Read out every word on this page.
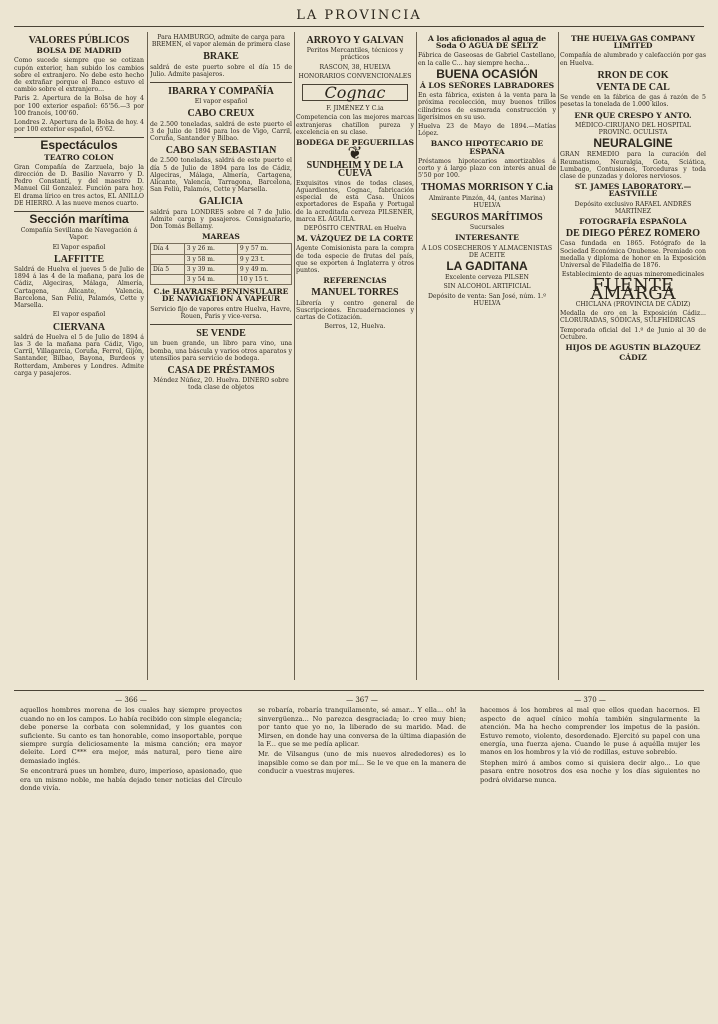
LA PROVINCIA
VALORES PÚBLICOS
BOLSA DE MADRID

Como sucede siempre que se cotizan cupón exterior, han subido los cambios sobre el extranjero. No debe esto hecho de extrañar porque el Banco estuvo el cambio sobre el extranjero...

Paris 2. Apertura de la Bolsa de hoy 4 por 100 exterior español: 65'56.—3 por 100 francés, 100'60.

Londres 2. Apertura de la Bolsa de hoy. 4 por 100 exterior español, 65'62.

Espectáculos
TEATRO COLON

Gran Compañía de Zarzuela, bajo la dirección de D. Basilio Navarro y D. Pedro Constantí, y del maestro D. Manuel Gil Gonzalez. Función para hoy. El drama lírico en tres actos, EL ANILLO DE HIERRO. A las nueve menos cuarto.

Sección marítima

Compañía Sevillana de Navegación á Vapor.

El Vapor español

LAFFITTE

Saldrá de Huelva el jueves 5 de Julio de 1894 á las 4 de la mañana, para los de Cádiz, Algeciras, Málaga, Almería, Cartagena, Alicante, Valencia, Barcelona, San Feliú, Palamós, Cette y Marsella.

El vapor español

CIERVANA

saldrá de Huelva el 5 de Julio de 1894 á las 3 de la mañana para Cádiz, Vigo, Carril, Villagarcia, Coruña, Ferrol, Gijón, Santander, Bilbao, Bayona, Burdeos y Rotterdam, Amberes y Londres. Admite carga y pasajeros.

Para HAMBURGO, admite de carga para BREMEN, el vapor alemán de primera clase

BRAKE

saldrá de este puerto sobre el día 15 de Julio. Admite pasajeros.

IBARRA Y COMPAÑÍA

El vapor español

CABO CREUX

de 2.500 toneladas, saldrá de este puerto el 3 de Julio de 1894 para los de Vigo, Carril, Coruña, Santander y Bilbao.

CABO SAN SEBASTIAN

de 2.500 toneladas, saldrá de este puerto el día 5 de Julio de 1894 para los de Cádiz, Algeciras, Málaga, Almería, Cartagena, Alicante, Valencia, Tarragona, Barcelona, San Feliú, Palamós, Cette y Marsella.

GALICIA

saldrá para LONDRES sobre el 7 de Julio. Admite carga y pasajeros. Consignatario, Don Tomás Bellamy.

MAREAS
Día 4	3 y 26 m.	9 y 57 m.
	3 y 58 m.	9 y 23 t.
Día 5	3 y 39 m.	9 y 49 m.
	3 y 54 m.	10 y 15 t.
C.ie HAVRAISE PENINSULAIRE DE NAVIGATION Á VAPEUR

Servicio fijo de vapores entre Huelva, Havre, Rouen, Paris y vice-versa.

SE VENDE

un buen grande, un libro para vino, una bomba, una báscula y varios otros aparatos y utensilios para servicio de bodega.

CASA DE PRÉSTAMOS

Méndez Núñez, 20. Huelva. DINERO sobre toda clase de objetos

ARROYO Y GALVAN

Peritos Mercantiles, técnicos y prácticos

RASCON, 38, HUELVA

HONORARIOS CONVENCIONALES

Cognac

F. JIMÉNEZ Y C.ia

Competencia con las mejores marcas extranjeras chatillon pureza y excelencia en su clase.

BODEGA DE PEGUERILLAS
❦
SUNDHEIM Y DE LA CUEVA

Exquisitos vinos de todas clases, Aguardientes, Cognac, fabricación especial de esta Casa. Únicos exportadores de España y Portugal de la acreditada cerveza PILSENER, marca EL ÁGUILA.

DEPÓSITO CENTRAL en Huelva

M. VÁZQUEZ DE LA CORTE

Agente Comisionista para la compra de toda especie de frutas del país, que se exporten á Inglaterra y otros puntos.

REFERENCIAS
MANUEL TORRES

Librería y centro general de Suscripciones. Encuadernaciones y cartas de Cotización.

Berros, 12, Huelva.

A los aficionados al agua de Soda O AGUA DE SELTZ

Fábrica de Gaseosas de Gabriel Castellano, en la calle C... hay siempre hecha...

BUENA OCASIÓN
Á LOS SEÑORES LABRADORES

En esta fábrica, existen á la venta para la próxima recolección, muy buenos trillos cilíndricos de esmerada construcción y ligerísimos en su uso.

Huelva 23 de Mayo de 1894.—Matías López.

BANCO HIPOTECARIO DE ESPAÑA

Préstamos hipotecarios amortizables á corto y á largo plazo con interés anual de 5'50 por 100.

THOMAS MORRISON Y C.ia

Almirante Pinzón, 44, (antes Marina) HUELVA

SEGUROS MARÍTIMOS

Sucursales

INTERESANTE

Á LOS COSECHEROS Y ALMACENISTAS DE ACEITE

LA GADITANA

Excelente cerveza PILSEN

SIN ALCOHOL ARTIFICIAL

Depósito de venta: San José, núm. 1.º HUELVA

THE HUELVA GAS COMPANY LIMITED

Compañía de alumbrado y calefacción por gas en Huelva.

RRON DE COK
VENTA DE CAL

Se vende en la fábrica de gas á razón de 5 pesetas la tonelada de 1.000 kilos.

ENR QUE CRESPO Y ANTO.

MÉDICO-CIRUJANO DEL HOSPITAL PROVINC. OCULISTA

NEURALGINE

GRAN REMEDIO para la curación del Reumatismo, Neuralgia, Gota, Sciática, Lumbago, Contusiones, Torceduras y toda clase de punzadas y dolores nerviosos.

ST. JAMES LABORATORY.—EASTVILLE

Depósito exclusivo RAFAEL ANDRÉS MARTÍNEZ

FOTOGRAFÍA ESPAÑOLA
DE DIEGO PÉREZ ROMERO

Casa fundada en 1865. Fotógrafo de la Sociedad Económica Onubense. Premiado con medalla y diploma de honor en la Exposición Universal de Filadelfia de 1876.

Establecimiento de aguas mineromedicinales

FUENTE AMARGA

CHICLANA (PROVINCIA DE CÁDIZ)

Medalla de oro en la Exposición Cádiz... CLORURADAS, SÓDICAS, SULFHÍDRICAS

Temporada oficial del 1.º de Junio al 30 de Octubre.

HIJOS DE AGUSTIN BLAZQUEZ
CÁDIZ
— 366 —

aquellos hombres morena de los cuales hay siempre proyectos cuando no en los campos. Lo había recibido con simple elegancia; debe ponerse la corbata con solemnidad, y los guantes con suficiente. Su canto es tan honorable, como insoportable, porque siempre surgía deliciosamente la misma canción; era mayor deleite. Lord C*** era mejor, más natural, pero tiene aire demasiado inglés.

Se encontrará pues un hombre, duro, imperioso, apasionado, que era un mismo noble, me había dejado tener noticias del Círculo donde vivía.

— 367 —

se robaría, robaría tranquilamente, sé amar... Y ella... oh! la sinvergüenza... No parezca desgraciada; lo creo muy bien; por tanto que yo no, la liberado de su marido. Mad. de Mirsen, en donde hay una conversa de la última diapasión de la F... que se me pedía aplicar.

Mr. de Vilsangus (uno de mis nuevos alrededores) es lo inapsible como se dan por mí... Se le ve que en la manera de conducir a vuestras mujeres.

— 370 —

hacemos á los hombres al mal que ellos quedan hacernos. El aspecto de aquel cínico mohía también singularmente la atención. Ma ha hecho comprender los impetus de la pasión. Estuvo remoto, violento, desordenado. Ejercitó su papel con una energía, una fuerza ajena. Cuando le puse á aquélla mujer les manos en los hombros y la vió de rodillas, estuve sobrebío.

Stephen miró á ambos como si quisiera decir algo... Lo que pasara entre nosotros dos esa noche y los días siguientes no podrá olvidarse nunca.
